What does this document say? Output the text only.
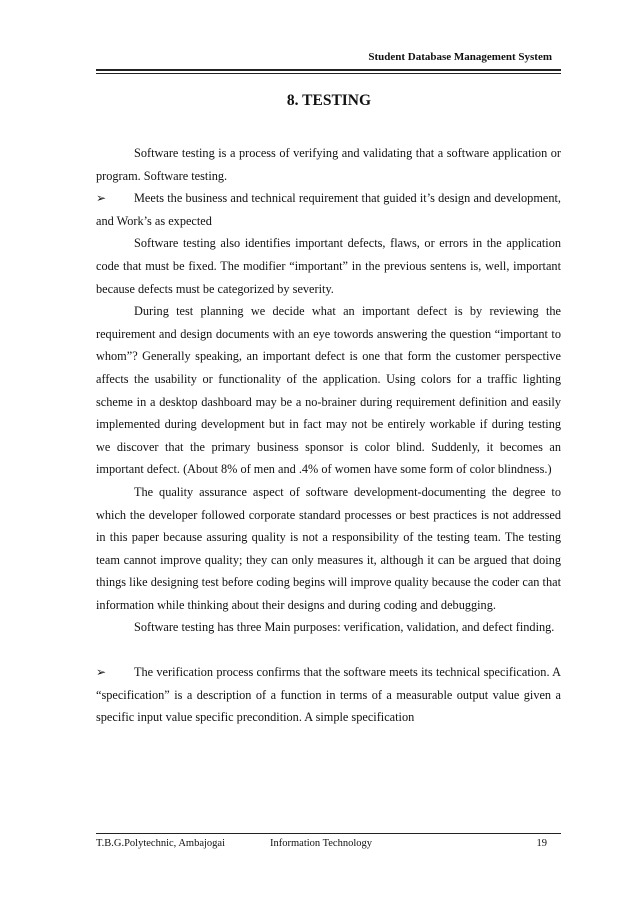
Student Database Management System
8. TESTING

Software testing is a process of verifying and validating that a software application or program. Software testing.

➢ Meets the business and technical requirement that guided it’s design and development, and Work’s as expected

Software testing also identifies important defects, flaws, or errors in the application code that must be fixed. The modifier “important” in the previous sentens is, well, important because defects must be categorized by severity.

During test planning we decide what an important defect is by reviewing the requirement and design documents with an eye towords answering the question “important to whom”? Generally speaking, an important defect is one that form the customer perspective affects the usability or functionality of the application. Using colors for a traffic lighting scheme in a desktop dashboard may be a no-brainer during requirement definition and easily implemented during development but in fact may not be entirely workable if during testing we discover that the primary business sponsor is color blind. Suddenly, it becomes an important defect. (About 8% of men and .4% of women have some form of color blindness.)

The quality assurance aspect of software development-documenting the degree to which the developer followed corporate standard processes or best practices is not addressed in this paper because assuring quality is not a responsibility of the testing team. The testing team cannot improve quality; they can only measures it, although it can be argued that doing things like designing test before coding begins will improve quality because the coder can that information while thinking about their designs and during coding and debugging.

Software testing has three Main purposes: verification, validation, and defect finding.

➢ The verification process confirms that the software meets its technical specification. A “specification” is a description of a function in terms of a measurable output value given a specific input value specific precondition. A simple specification

T.B.G.Polytechnic, Ambajogai	Information Technology	19
